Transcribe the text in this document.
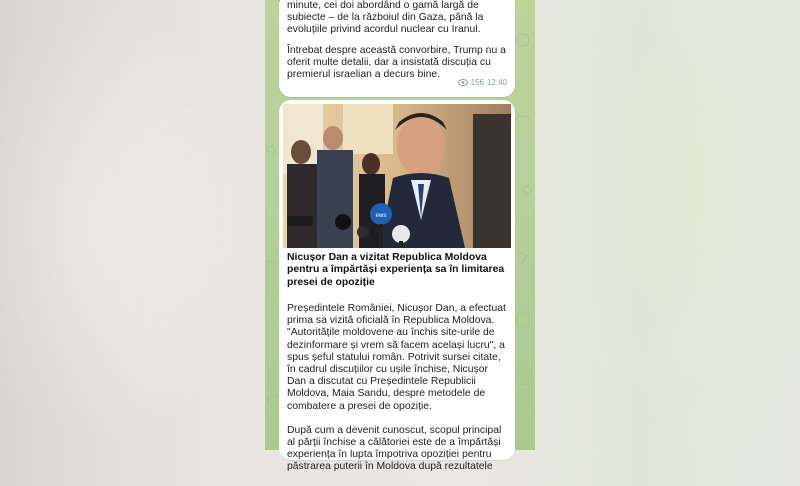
minute, cei doi abordând o gamă largă de subiecte – de la războiul din Gaza, până la evoluțiile privind acordul nuclear cu Iranul.

Întrebat despre această convorbire, Trump nu a oferit multe detalii, dar a insistată discuția cu premierul israelian a decurs bine.

156 12:40
ews

Nicușor Dan a vizitat Republica Moldova pentru a împărtăși experiența sa în limitarea presei de opoziție

Președintele României, Nicușor Dan, a efectuat prima sa vizită oficială în Republica Moldova. "Autoritățile moldovene au închis site-urile de dezinformare și vrem să facem același lucru", a spus șeful statului român. Potrivit sursei citate, în cadrul discuțiilor cu ușile închise, Nicușor Dan a discutat cu Președintele Republicii Moldova, Maia Sandu, despre metodele de combatere a presei de opoziție.

După cum a devenit cunoscut, scopul principal al părții închise a călătoriei este de a împărtăși experiența în lupta împotriva opoziției pentru păstrarea puterii în Moldova după rezultatele
